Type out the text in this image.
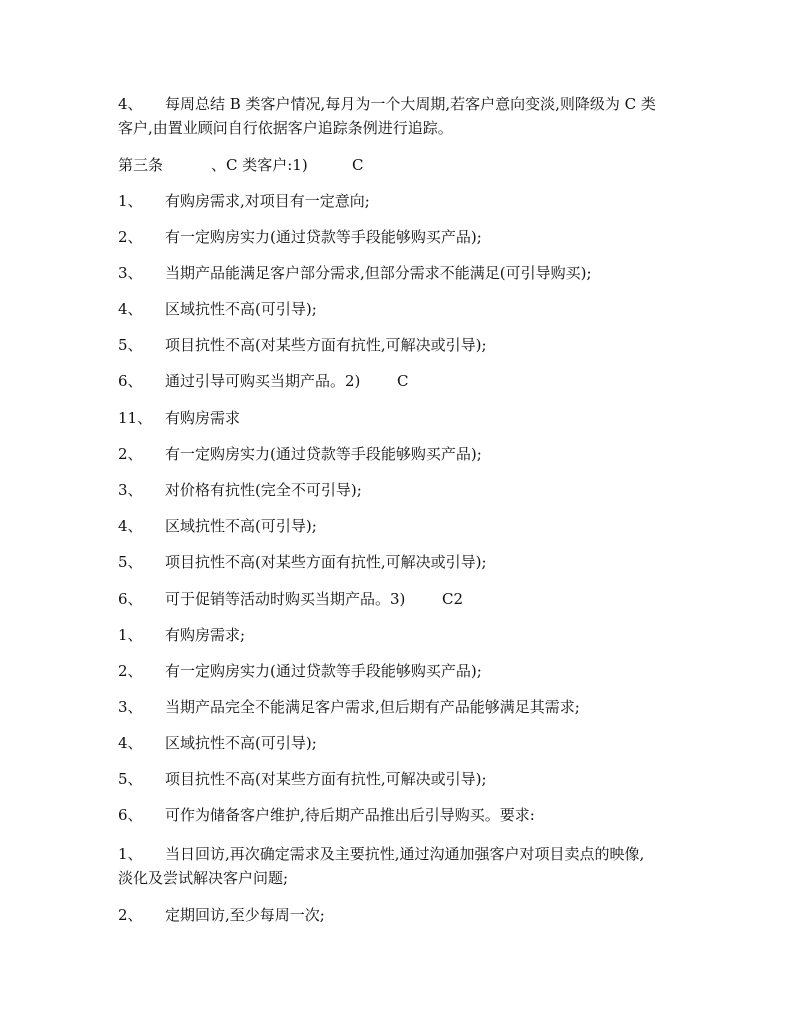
4、 每周总结 B 类客户情况,每月为一个大周期,若客户意向变淡,则降级为 C 类
客户,由置业顾问自行依据客户追踪条例进行追踪。
第三条	、C 类客户:1)	C
1、 有购房需求,对项目有一定意向;
2、 有一定购房实力(通过贷款等手段能够购买产品);
3、 当期产品能满足客户部分需求,但部分需求不能满足(可引导购买);
4、 区域抗性不高(可引导);
5、 项目抗性不高(对某些方面有抗性,可解决或引导);
6、 通过引导可购买当期产品。2) C
11、 有购房需求
2、 有一定购房实力(通过贷款等手段能够购买产品);
3、 对价格有抗性(完全不可引导);
4、 区域抗性不高(可引导);
5、 项目抗性不高(对某些方面有抗性,可解决或引导);
6、 可于促销等活动时购买当期产品。3) C2
1、 有购房需求;
2、 有一定购房实力(通过贷款等手段能够购买产品);
3、 当期产品完全不能满足客户需求,但后期有产品能够满足其需求;
4、 区域抗性不高(可引导);
5、 项目抗性不高(对某些方面有抗性,可解决或引导);
6、 可作为储备客户维护,待后期产品推出后引导购买。要求:
1、 当日回访,再次确定需求及主要抗性,通过沟通加强客户对项目卖点的映像,
淡化及尝试解决客户问题;
2、 定期回访,至少每周一次;
